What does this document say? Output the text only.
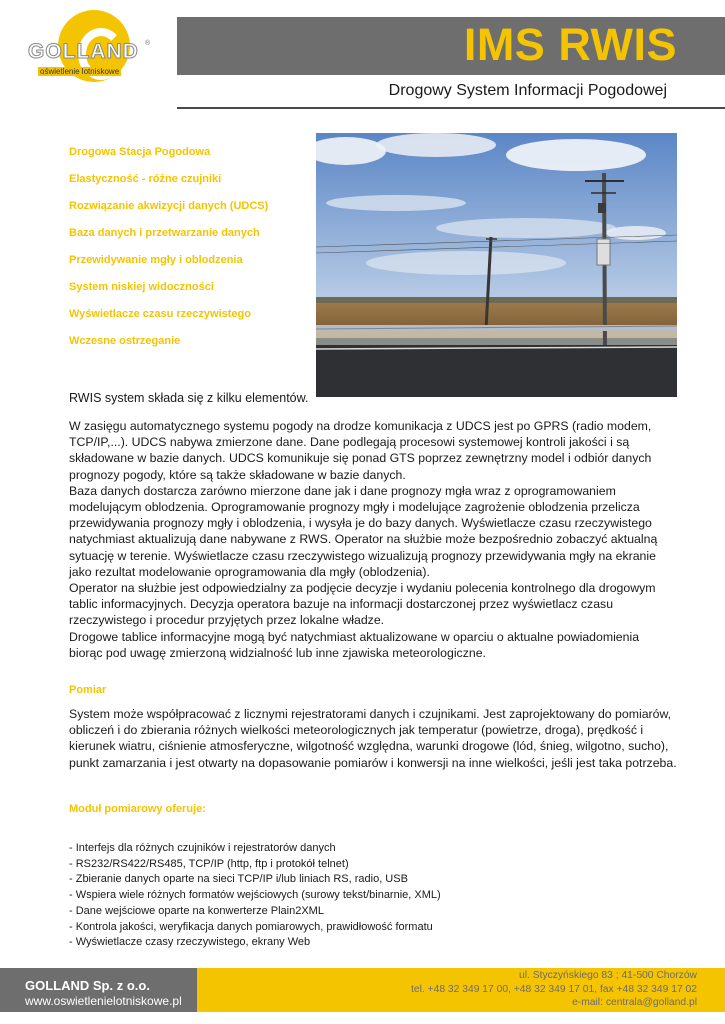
GOLLAND ®
oświetlenie lotniskowe
IMS RWIS
Drogowy System Informacji Pogodowej
Drogowa Stacja Pogodowa
Elastyczność - różne czujniki
Rozwiązanie akwizycji danych (UDCS)
Baza danych i przetwarzanie danych
Przewidywanie mgły i oblodzenia
System niskiej widoczności
Wyświetlacze czasu rzeczywistego
Wczesne ostrzeganie
RWIS system składa się z kilku elementów.

W zasięgu automatycznego systemu pogody na drodze komunikacja z UDCS jest po GPRS (radio modem, TCP/IP,...). UDCS nabywa zmierzone dane. Dane podlegają procesowi systemowej kontroli jakości i są składowane w bazie danych. UDCS komunikuje się ponad GTS poprzez zewnętrzny model i odbiór danych prognozy pogody, które są także składowane w bazie danych.

Baza danych dostarcza zarówno mierzone dane jak i dane prognozy mgła wraz z oprogramowaniem modelującym oblodzenia. Oprogramowanie prognozy mgły i modelujące zagrożenie oblodzenia przelicza przewidywania prognozy mgły i oblodzenia, i wysyła je do bazy danych. Wyświetlacze czasu rzeczywistego natychmiast aktualizują dane nabywane z RWS. Operator na służbie może bezpośrednio zobaczyć aktualną sytuację w terenie. Wyświetlacze czasu rzeczywistego wizualizują prognozy przewidywania mgły na ekranie jako rezultat modelowanie oprogramowania dla mgły (oblodzenia).

Operator na służbie jest odpowiedzialny za podjęcie decyzje i wydaniu polecenia kontrolnego dla drogowym tablic informacyjnych. Decyzja operatora bazuje na informacji dostarczonej przez wyświetlacz czasu rzeczywistego i procedur przyjętych przez lokalne władze.

Drogowe tablice informacyjne mogą być natychmiast aktualizowane w oparciu o aktualne powiadomienia biorąc pod uwagę zmierzoną widzialność lub inne zjawiska meteorologiczne.

Pomiar
System może współpracować z licznymi rejestratorami danych i czujnikami. Jest zaprojektowany do pomiarów, obliczeń i do zbierania różnych wielkości meteorologicznych jak temperatur (powietrze, droga), prędkość i kierunek wiatru, ciśnienie atmosferyczne, wilgotność względna, warunki drogowe (lód, śnieg, wilgotno, sucho), punkt zamarzania i jest otwarty na dopasowanie pomiarów i konwersji na inne wielkości, jeśli jest taka potrzeba.
Moduł pomiarowy oferuje:
- Interfejs dla różnych czujników i rejestratorów danych
- RS232/RS422/RS485, TCP/IP (http, ftp i protokół telnet)
- Zbieranie danych oparte na sieci TCP/IP i/lub liniach RS, radio, USB
- Wspiera wiele różnych formatów wejściowych (surowy tekst/binarnie, XML)
- Dane wejściowe oparte na konwerterze Plain2XML
- Kontrola jakości, weryfikacja danych pomiarowych, prawidłowość formatu
- Wyświetlacze czasy rzeczywistego, ekrany Web
GOLLAND Sp. z o.o.
www.oswietlenielotniskowe.pl
ul. Styczyńskiego 83 ; 41-500 Chorzów
tel. +48 32 349 17 00, +48 32 349 17 01, fax +48 32 349 17 02
e-mail: centrala@golland.pl
